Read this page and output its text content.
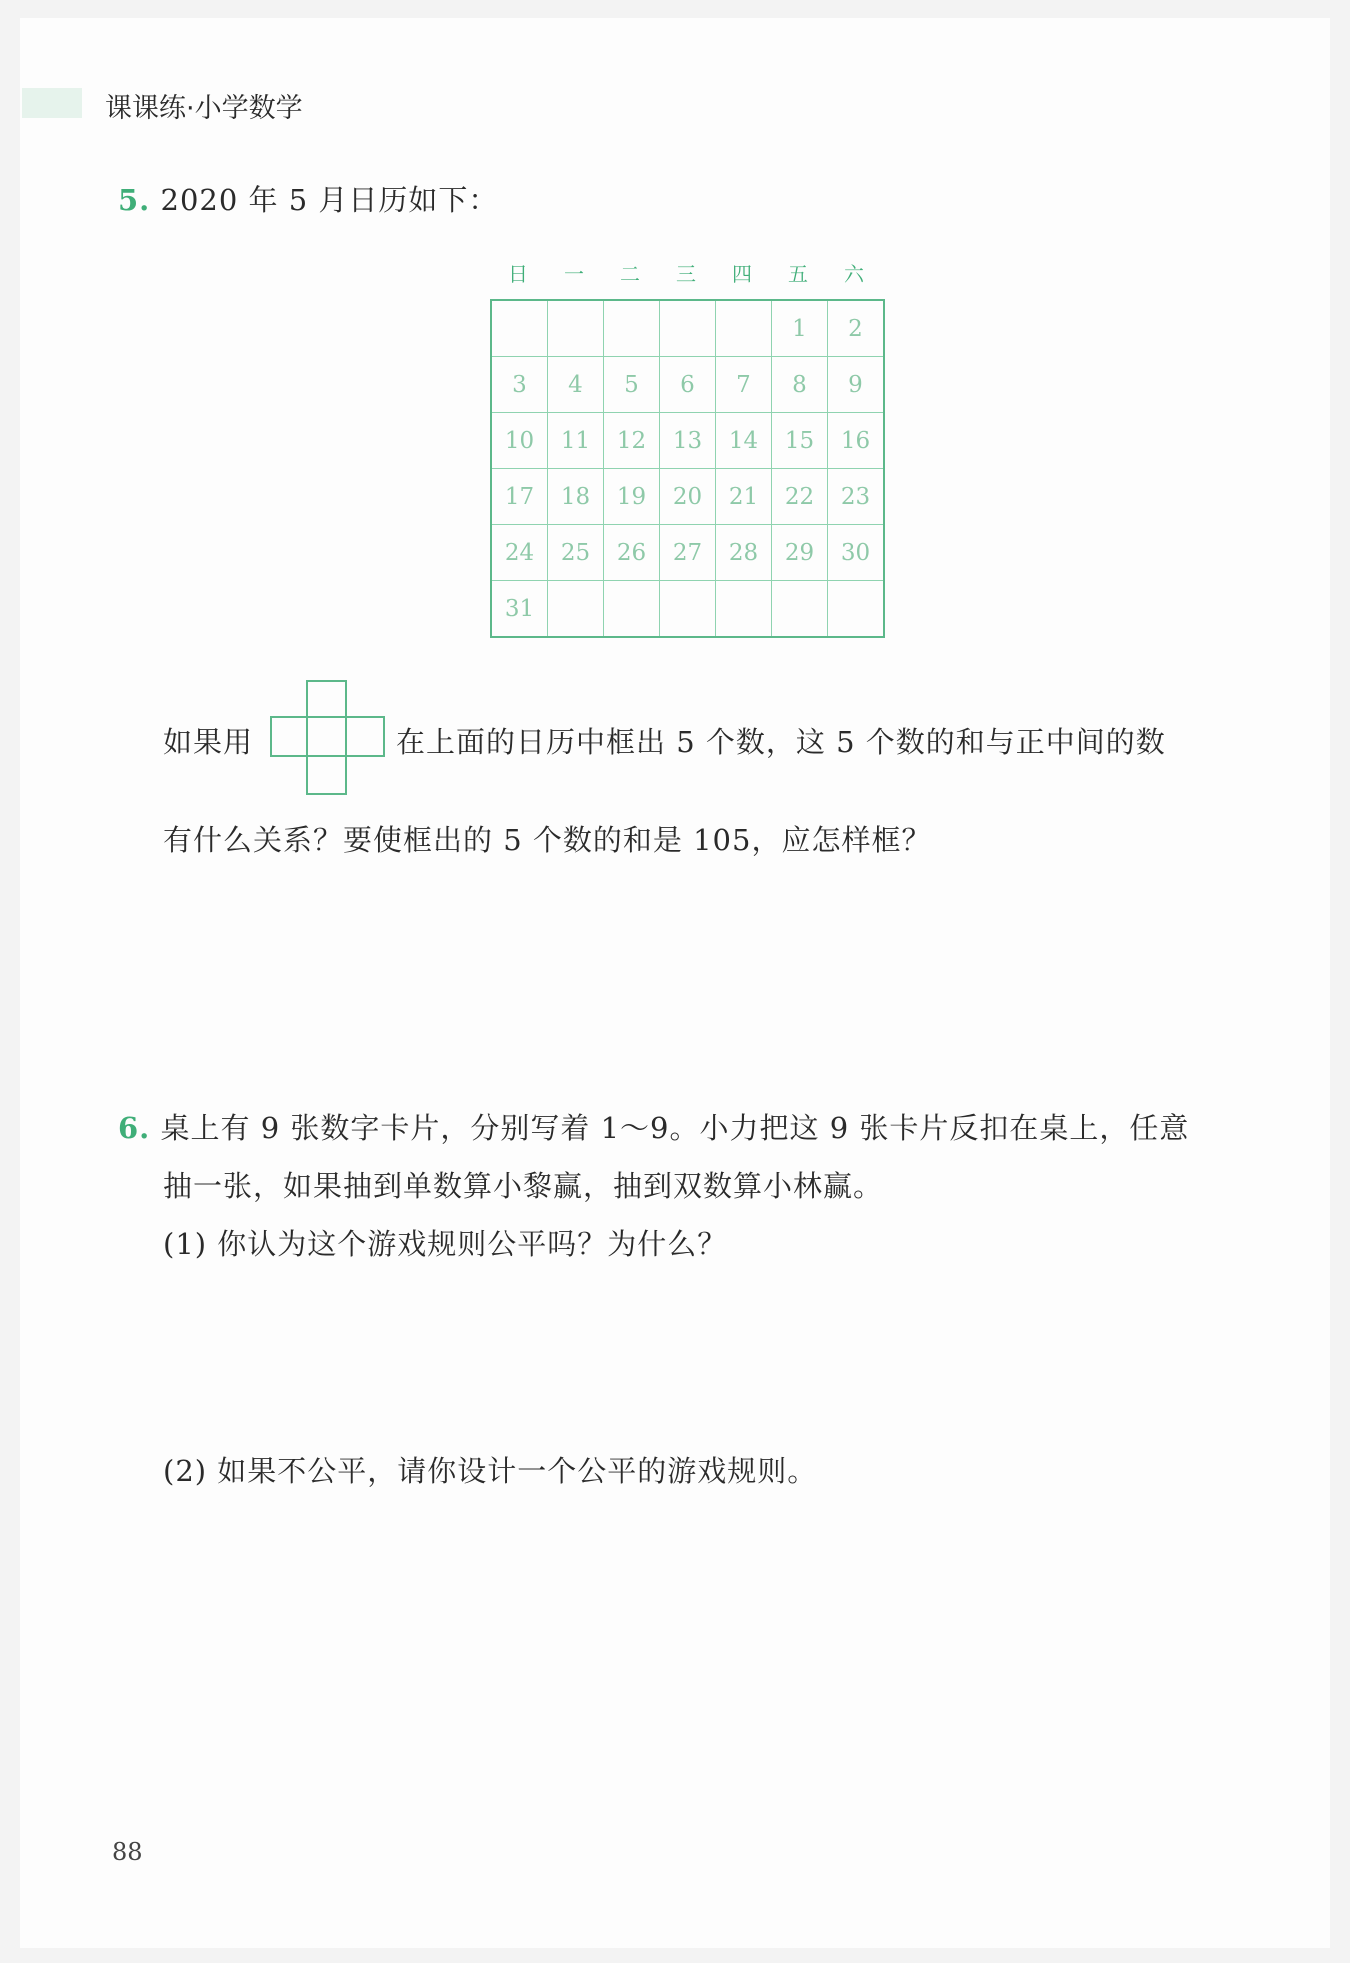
课课练·小学数学
5. 2020 年 5 月日历如下：
日	一	二	三	四	五	六
					1	2
3	4	5	6	7	8	9
10	11	12	13	14	15	16
17	18	19	20	21	22	23
24	25	26	27	28	29	30
31						
如果用	在上面的日历中框出 5 个数，这 5 个数的和与正中间的数
有什么关系？要使框出的 5 个数的和是 105，应怎样框？
6. 桌上有 9 张数字卡片，分别写着 1～9。小力把这 9 张卡片反扣在桌上，任意
抽一张，如果抽到单数算小黎赢，抽到双数算小林赢。
(1) 你认为这个游戏规则公平吗？为什么？
(2) 如果不公平，请你设计一个公平的游戏规则。
88
